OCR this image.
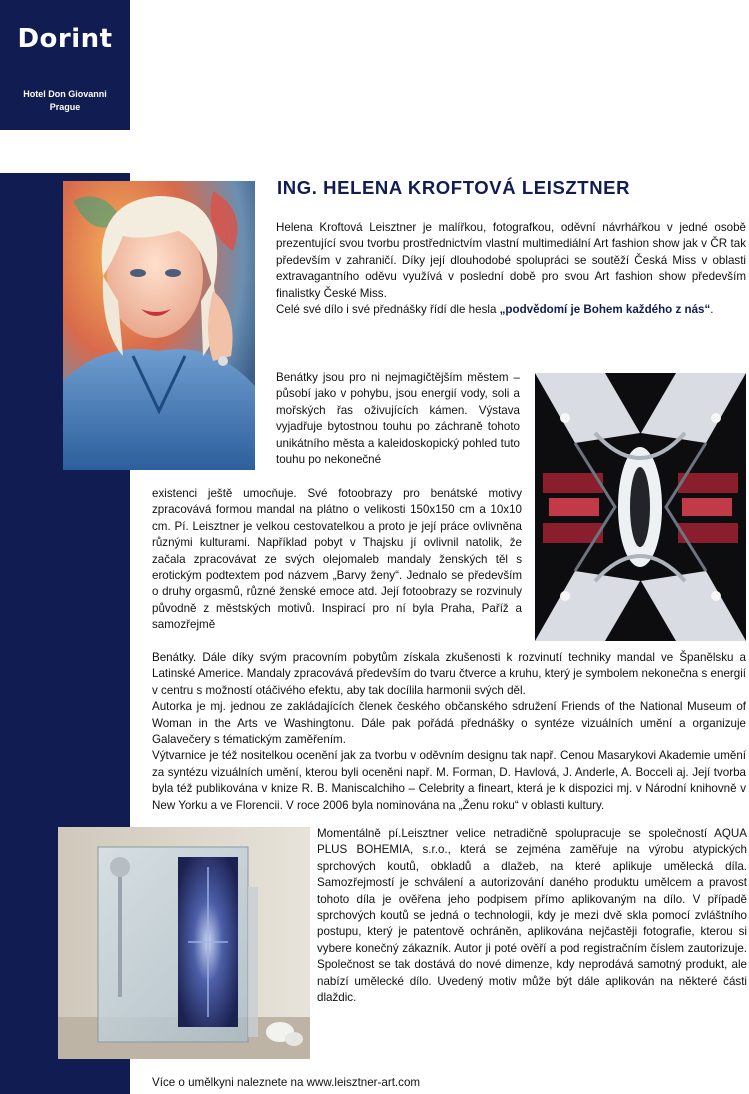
Dorint
Hotel Don Giovanni
Prague
ING. HELENA KROFTOVÁ LEISZTNER

Helena Kroftová Leisztner je malířkou, fotografkou, oděvní návrhářkou v jedné osobě prezentující svou tvorbu prostřednictvím vlastní multimediální Art fashion show jak v ČR tak především v zahraničí. Díky její dlouhodobé spolupráci se soutěží Česká Miss v oblasti extravagantního oděvu využívá v poslední době pro svou Art fashion show především finalistky České Miss.

Celé své dílo i své přednášky řídí dle hesla „podvědomí je Bohem každého z nás“.

Benátky jsou pro ni nejmagičtějším městem – působí jako v pohybu, jsou energií vody, soli a mořských řas oživujících kámen. Výstava vyjadřuje bytostnou touhu po záchraně tohoto unikátního města a kaleidoskopický pohled tuto touhu po nekonečné

existenci ještě umocňuje. Své fotoobrazy pro benátské motivy zpracovává formou mandal na plátno o velikosti 150x150 cm a 10x10 cm. Pí. Leisztner je velkou cestovatelkou a proto je její práce ovlivněna různými kulturami. Například pobyt v Thajsku jí ovlivnil natolik, že začala zpracovávat ze svých olejomaleb mandaly ženských těl s erotickým podtextem pod názvem „Barvy ženy“. Jednalo se především o druhy orgasmů, různé ženské emoce atd. Její fotoobrazy se rozvinuly původně z městských motivů. Inspirací pro ní byla Praha, Paříž a samozřejmě

Benátky. Dále díky svým pracovním pobytům získala zkušenosti k rozvinutí techniky mandal ve Španělsku a Latinské Americe. Mandaly zpracovává především do tvaru čtverce a kruhu, který je symbolem nekonečna s energií v centru s možností otáčivého efektu, aby tak docílila harmonii svých děl.

Autorka je mj. jednou ze zakládajících členek českého občanského sdružení Friends of the National Museum of Woman in the Arts ve Washingtonu. Dále pak pořádá přednášky o syntéze vizuálních umění a organizuje Galavečery s tématickým zaměřením.

Výtvarnice je též nositelkou ocenění jak za tvorbu v oděvním designu tak např. Cenou Masarykovi Akademie umění za syntézu vizuálních umění, kterou byli oceněni např. M. Forman, D. Havlová, J. Anderle, A. Bocceli aj. Její tvorba byla též publikována v knize R. B. Maniscalchiho – Celebrity a fineart, která je k dispozici mj. v Národní knihovně v New Yorku a ve Florencii. V roce 2006 byla nominována na „Ženu roku“ v oblasti kultury.

Momentálně pí.Leisztner velice netradičně spolupracuje se společností AQUA PLUS BOHEMIA, s.r.o., která se zejména zaměřuje na výrobu atypických sprchových koutů, obkladů a dlažeb, na které aplikuje umělecká díla. Samozřejmostí je schválení a autorizování daného produktu umělcem a pravost tohoto díla je ověřena jeho podpisem přímo aplikovaným na dílo. V případě sprchových koutů se jedná o technologii, kdy je mezi dvě skla pomocí zvláštního postupu, který je patentově ochráněn, aplikována nejčastěji fotografie, kterou si vybere konečný zákazník. Autor ji poté ověří a pod registračním číslem zautorizuje. Společnost se tak dostává do nové dimenze, kdy neprodává samotný produkt, ale nabízí umělecké dílo. Uvedený motiv může být dále aplikován na některé části dlaždic.

Více o umělkyni naleznete na www.leisztner-art.com
